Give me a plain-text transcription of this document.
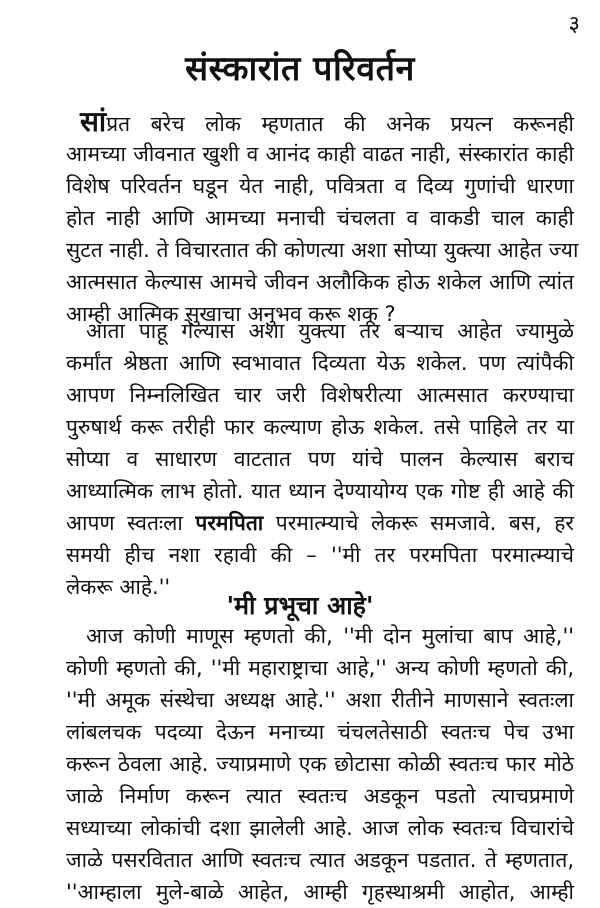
३
संस्कारांत परिवर्तन
सांप्रत बरेच लोक म्हणतात की अनेक प्रयत्न करूनही
आमच्या जीवनात खुशी व आनंद काही वाढत नाही, संस्कारांत काही
विशेष परिवर्तन घडून येत नाही, पवित्रता व दिव्य गुणांची धारणा
होत नाही आणि आमच्या मनाची चंचलता व वाकडी चाल काही
सुटत नाही. ते विचारतात की कोणत्या अशा सोप्या युक्त्या आहेत ज्या
आत्मसात केल्यास आमचे जीवन अलौकिक होऊ शकेल आणि त्यांत
आम्ही आत्मिक सुखाचा अनुभव करू शकू ?
आता पाहू गेल्यास अशा युक्त्या तर बऱ्याच आहेत ज्यामुळे
कर्मांत श्रेष्ठता आणि स्वभावात दिव्यता येऊ शकेल. पण त्यांपैकी
आपण निम्नलिखित चार जरी विशेषरीत्या आत्मसात करण्याचा
पुरुषार्थ करू तरीही फार कल्याण होऊ शकेल. तसे पाहिले तर या
सोप्या व साधारण वाटतात पण यांचे पालन केल्यास बराच
आध्यात्मिक लाभ होतो. यात ध्यान देण्यायोग्य एक गोष्ट ही आहे की
आपण स्वतःला परमपिता परमात्म्याचे लेकरू समजावे. बस, हर
समयी हीच नशा रहावी की – ''मी तर परमपिता परमात्म्याचे
लेकरू आहे.''
'मी प्रभूचा आहे'
आज कोणी माणूस म्हणतो की, ''मी दोन मुलांचा बाप आहे,''
कोणी म्हणतो की, ''मी महाराष्ट्राचा आहे,'' अन्य कोणी म्हणतो की,
''मी अमूक संस्थेचा अध्यक्ष आहे.'' अशा रीतीने माणसाने स्वतःला
लांबलचक पदव्या देऊन मनाच्या चंचलतेसाठी स्वतःच पेच उभा
करून ठेवला आहे. ज्याप्रमाणे एक छोटासा कोळी स्वतःच फार मोठे
जाळे निर्माण करून त्यात स्वतःच अडकून पडतो त्याचप्रमाणे
सध्याच्या लोकांची दशा झालेली आहे. आज लोक स्वतःच विचारांचे
जाळे पसरवितात आणि स्वतःच त्यात अडकून पडतात. ते म्हणतात,
''आम्हाला मुले-बाळे आहेत, आम्ही गृहस्थाश्रमी आहोत, आम्ही
